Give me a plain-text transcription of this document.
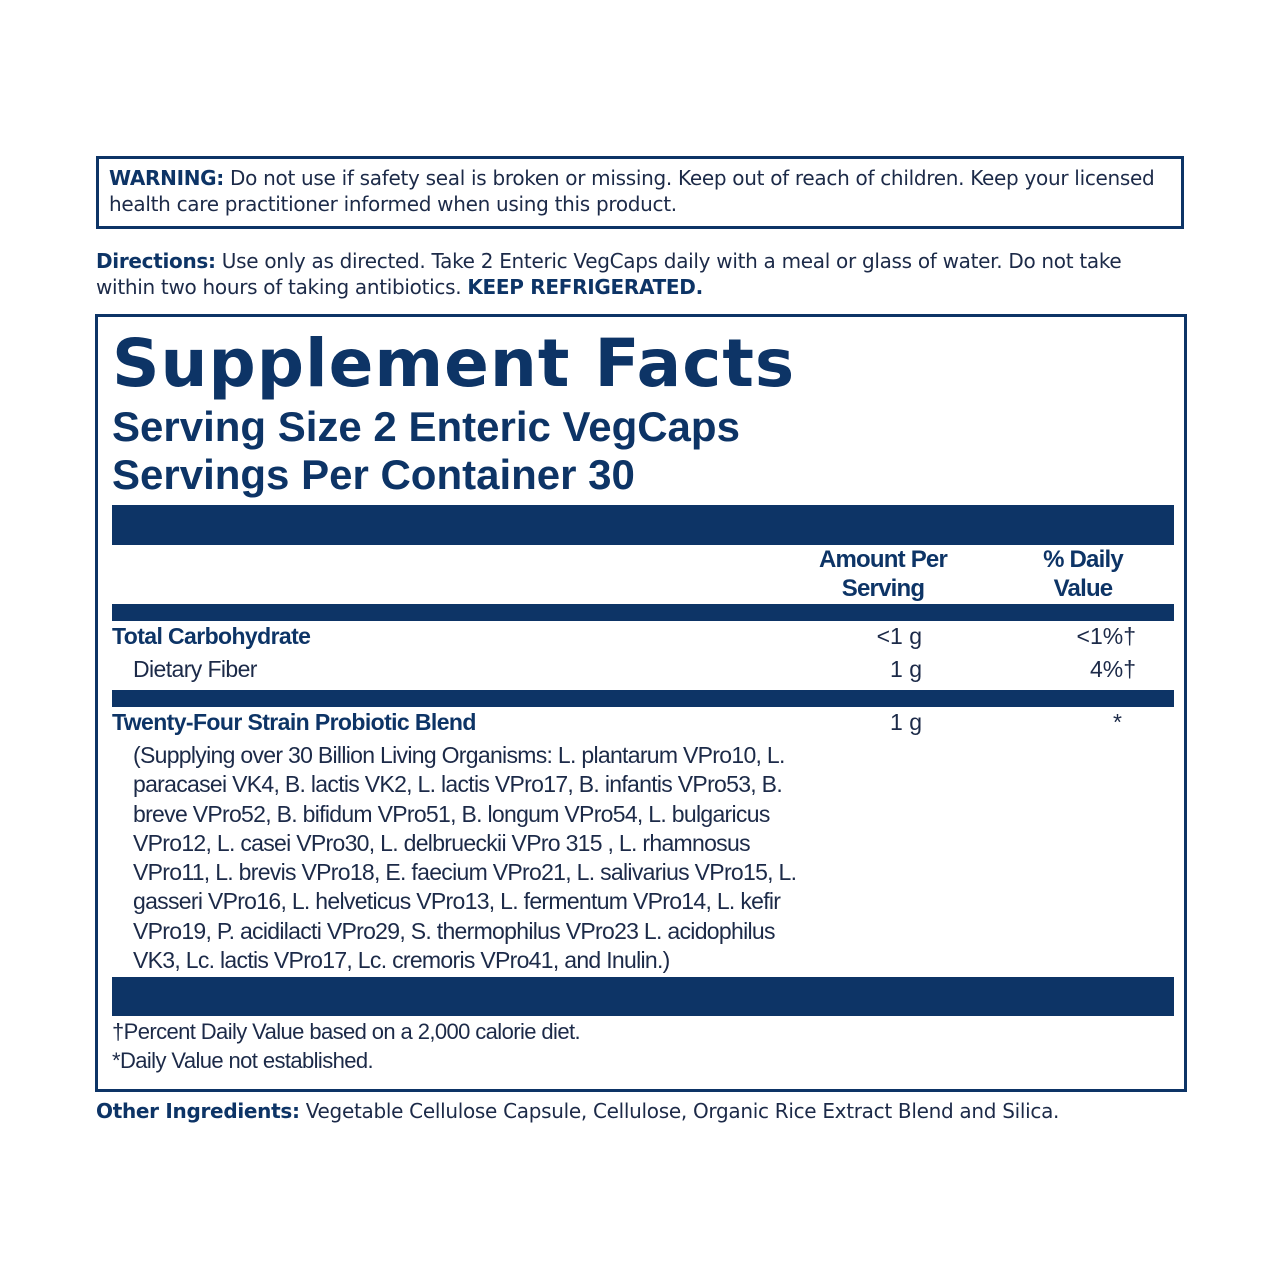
WARNING: Do not use if safety seal is broken or missing. Keep out of reach of children. Keep your licensed health care practitioner informed when using this product.
Directions: Use only as directed. Take 2 Enteric VegCaps daily with a meal or glass of water. Do not take within two hours of taking antibiotics. KEEP REFRIGERATED.
Supplement Facts
Serving Size 2 Enteric VegCaps
Servings Per Container 30
Amount Per
Serving
% Daily
Value
Total Carbohydrate	<1 g	<1%†
Dietary Fiber	1 g	4%†
Twenty-Four Strain Probiotic Blend	1 g	*
(Supplying over 30 Billion Living Organisms: L. plantarum VPro10, L.
paracasei VK4, B. lactis VK2, L. lactis VPro17, B. infantis VPro53, B.
breve VPro52, B. bifidum VPro51, B. longum VPro54, L. bulgaricus
VPro12, L. casei VPro30, L. delbrueckii VPro 315 , L. rhamnosus
VPro11, L. brevis VPro18, E. faecium VPro21, L. salivarius VPro15, L.
gasseri VPro16, L. helveticus VPro13, L. fermentum VPro14, L. kefir
VPro19, P. acidilacti VPro29, S. thermophilus VPro23 L. acidophilus
VK3, Lc. lactis VPro17, Lc. cremoris VPro41, and Inulin.)
†Percent Daily Value based on a 2,000 calorie diet.
*Daily Value not established.
Other Ingredients: Vegetable Cellulose Capsule, Cellulose, Organic Rice Extract Blend and Silica.
